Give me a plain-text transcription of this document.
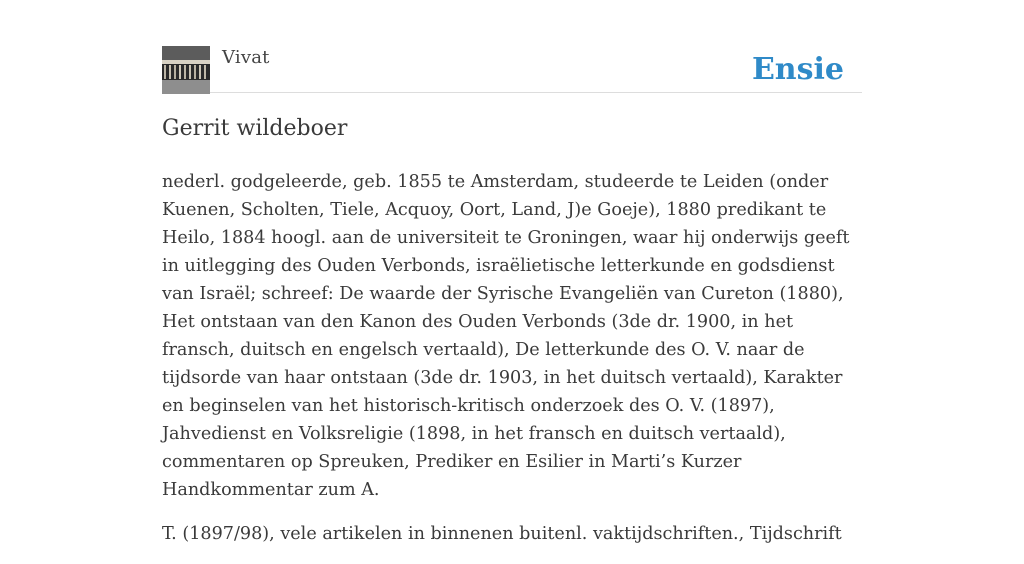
Vivat	Ensie
Gerrit wildeboer

nederl. godgeleerde, geb. 1855 te Amsterdam, studeerde te Leiden (onder Kuenen, Scholten, Tiele, Acquoy, Oort, Land, J)e Goeje), 1880 predikant te Heilo, 1884 hoogl. aan de universiteit te Groningen, waar hij onderwijs geeft in uitlegging des Ouden Verbonds, israëlietische letterkunde en godsdienst van Israël; schreef: De waarde der Syrische Evangeliën van Cureton (1880), Het ontstaan van den Kanon des Ouden Verbonds (3de dr. 1900, in het fransch, duitsch en engelsch vertaald), De letterkunde des O. V. naar de tijdsorde van haar ontstaan (3de dr. 1903, in het duitsch vertaald), Karakter en beginselen van het historisch-kritisch onderzoek des O. V. (1897), Jahvedienst en Volksreligie (1898, in het fransch en duitsch vertaald), commentaren op Spreuken, Prediker en Esilier in Marti’s Kurzer Handkommentar zum A.

T. (1897/98), vele artikelen in binnenen buitenl. vaktijdschriften., Tijdschrift
